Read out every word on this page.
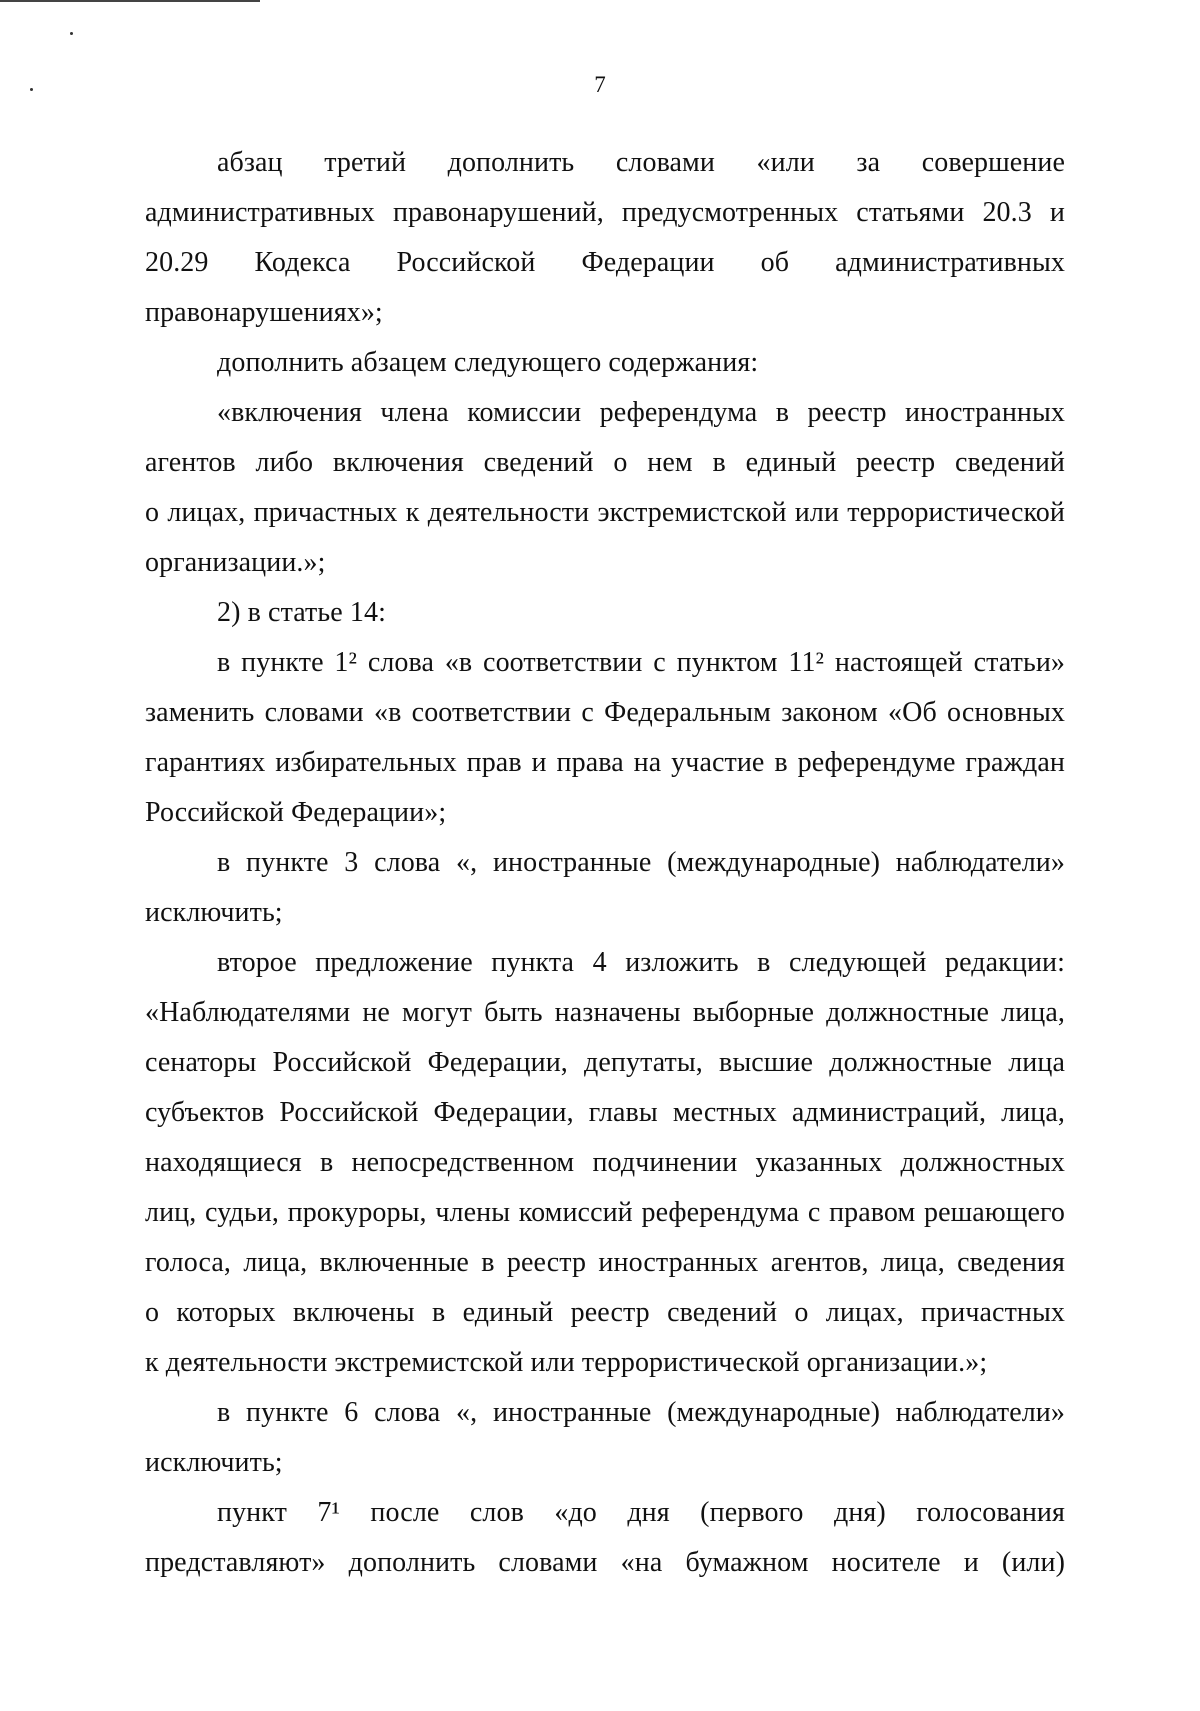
7
абзац третий дополнить словами «или за совершение
административных правонарушений, предусмотренных статьями 20.3 и
20.29 Кодекса Российской Федерации об административных
правонарушениях»;
дополнить абзацем следующего содержания:
«включения члена комиссии референдума в реестр иностранных
агентов либо включения сведений о нем в единый реестр сведений
о лицах, причастных к деятельности экстремистской или террористической
организации.»;
2) в статье 14:
в пункте 1² слова «в соответствии с пунктом 11² настоящей статьи»
заменить словами «в соответствии с Федеральным законом «Об основных
гарантиях избирательных прав и права на участие в референдуме граждан
Российской Федерации»;
в пункте 3 слова «, иностранные (международные) наблюдатели»
исключить;
второе предложение пункта 4 изложить в следующей редакции:
«Наблюдателями не могут быть назначены выборные должностные лица,
сенаторы Российской Федерации, депутаты, высшие должностные лица
субъектов Российской Федерации, главы местных администраций, лица,
находящиеся в непосредственном подчинении указанных должностных
лиц, судьи, прокуроры, члены комиссий референдума с правом решающего
голоса, лица, включенные в реестр иностранных агентов, лица, сведения
о которых включены в единый реестр сведений о лицах, причастных
к деятельности экстремистской или террористической организации.»;
в пункте 6 слова «, иностранные (международные) наблюдатели»
исключить;
пункт 7¹ после слов «до дня (первого дня) голосования
представляют» дополнить словами «на бумажном носителе и (или)
